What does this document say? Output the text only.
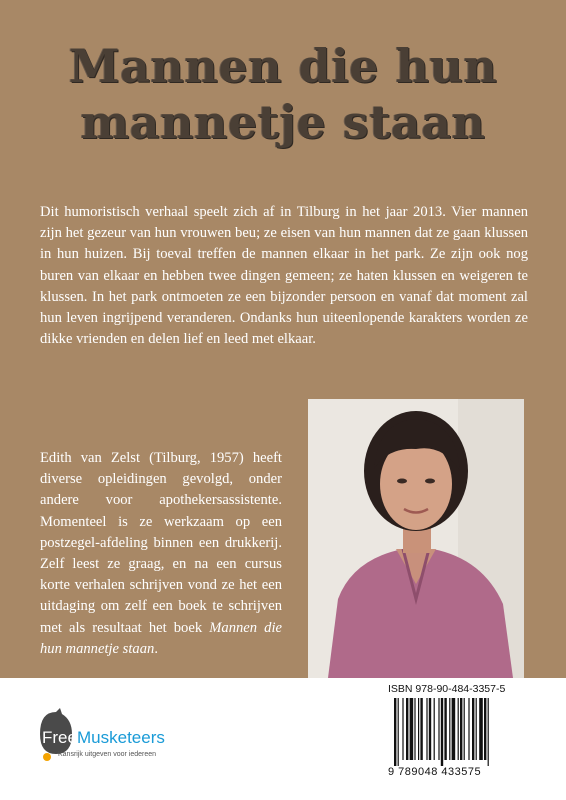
Mannen die hun
mannetje staan
Dit humoristisch verhaal speelt zich af in Tilburg in het jaar 2013. Vier mannen zijn het gezeur van hun vrouwen beu; ze eisen van hun mannen dat ze gaan klussen in hun huizen. Bij toeval treffen de mannen elkaar in het park. Ze zijn ook nog buren van elkaar en hebben twee dingen gemeen; ze haten klussen en weigeren te klussen. In het park ontmoeten ze een bijzonder persoon en vanaf dat moment zal hun leven ingrijpend veranderen. Ondanks hun uiteenlopende karakters worden ze dikke vrienden en delen lief en leed met elkaar.
Edith van Zelst (Tilburg, 1957) heeft diverse opleidingen gevolgd, onder andere voor apothekersassistente. Momenteel is ze werkzaam op een postzegel-afdeling binnen een drukkerij. Zelf leest ze graag, en na een cursus korte verhalen schrijven vond ze het een uitdaging om zelf een boek te schrijven met als resultaat het boek Mannen die hun mannetje staan.
Free Musketeers
Kansrijk uitgeven voor iedereen
ISBN 978-90-484-3357-5
9 789048 433575
